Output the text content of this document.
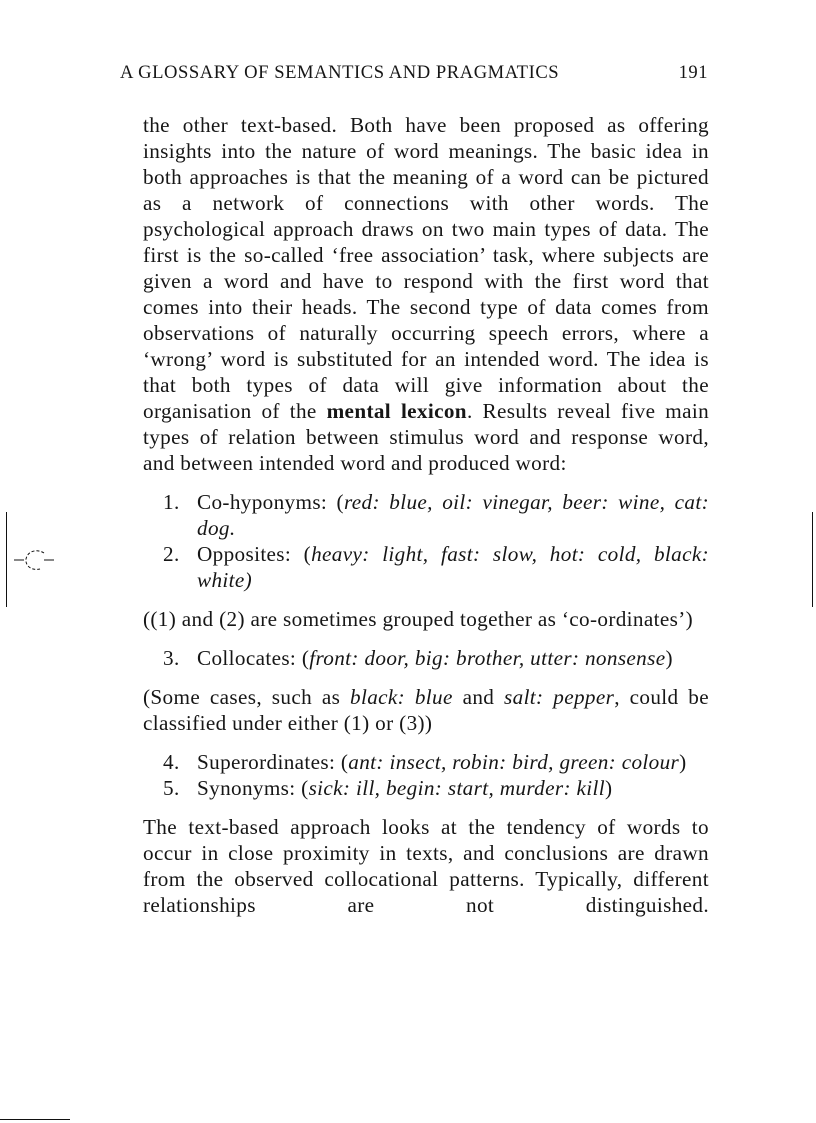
A GLOSSARY OF SEMANTICS AND PRAGMATICS	191

the other text-based. Both have been proposed as offering insights into the nature of word meanings. The basic idea in both approaches is that the meaning of a word can be pictured as a network of connections with other words. The psychological approach draws on two main types of data. The first is the so-called ‘free association’ task, where subjects are given a word and have to respond with the first word that comes into their heads. The second type of data comes from observations of naturally occurring speech errors, where a ‘wrong’ word is substituted for an intended word. The idea is that both types of data will give information about the organisation of the mental lexicon. Results reveal five main types of relation between stimulus word and response word, and between intended word and produced word:

1. Co-hyponyms: (red: blue, oil: vinegar, beer: wine, cat: dog.
2. Opposites: (heavy: light, fast: slow, hot: cold, black: white)

((1) and (2) are sometimes grouped together as ‘co-ordinates’)

3. Collocates: (front: door, big: brother, utter: nonsense)

(Some cases, such as black: blue and salt: pepper, could be classified under either (1) or (3))

4. Superordinates: (ant: insect, robin: bird, green: colour)
5. Synonyms: (sick: ill, begin: start, murder: kill)

The text-based approach looks at the tendency of words to occur in close proximity in texts, and conclusions are drawn from the observed collocational patterns. Typically, different relationships are not distinguished.
